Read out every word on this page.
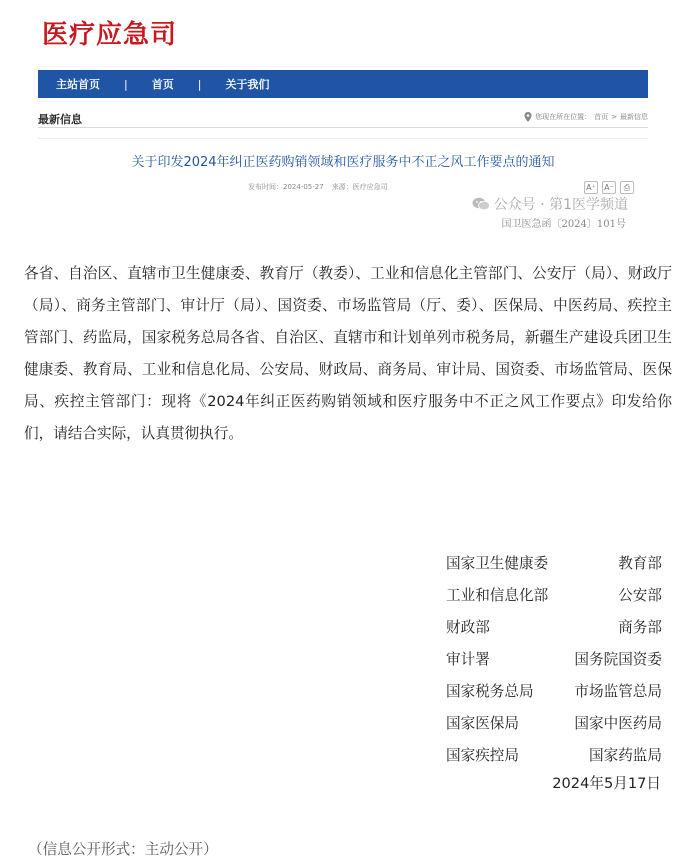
医疗应急司
主站首页 | 首页 | 关于我们
最新信息	您现在所在位置： 首页 > 最新信息
关于印发2024年纠正医药购销领域和医疗服务中不正之风工作要点的通知
发布时间：2024-05-27 来源：医疗应急司	A⁺ A⁻	⎙
公众号 · 第1医学频道
国卫医急函〔2024〕101号
各省、自治区、直辖市卫生健康委、教育厅（教委）、工业和信息化主管部门、公安厅（局）、财政厅（局）、商务主管部门、审计厅（局）、国资委、市场监管局（厅、委）、医保局、中医药局、疾控主管部门、药监局，国家税务总局各省、自治区、直辖市和计划单列市税务局，新疆生产建设兵团卫生健康委、教育局、工业和信息化局、公安局、财政局、商务局、审计局、国资委、市场监管局、医保局、疾控主管部门：现将《2024年纠正医药购销领域和医疗服务中不正之风工作要点》印发给你们，请结合实际，认真贯彻执行。
国家卫生健康委	教育部
工业和信息化部	公安部
财政部	商务部
审计署	国务院国资委
国家税务总局	市场监管总局
国家医保局	国家中医药局
国家疾控局	国家药监局
2024年5月17日
（信息公开形式：主动公开）
